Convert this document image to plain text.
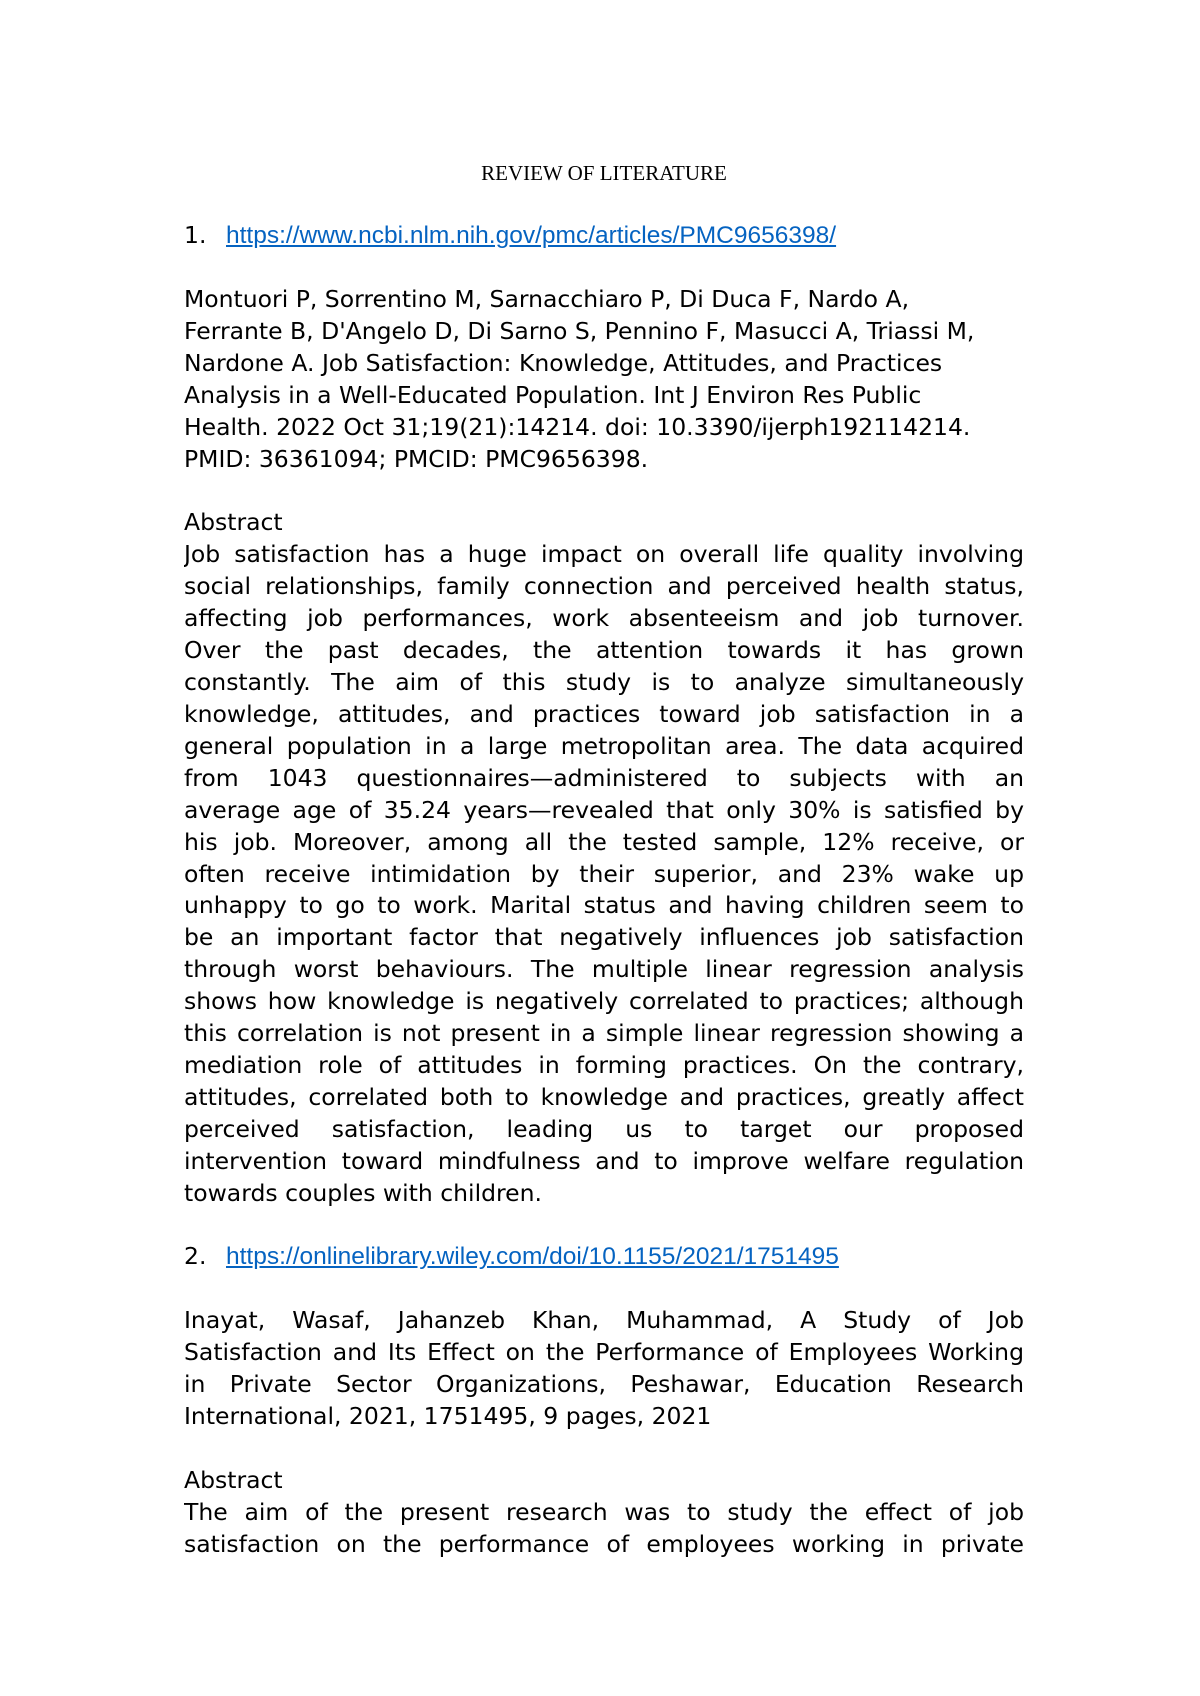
REVIEW OF LITERATURE
1. https://www.ncbi.nlm.nih.gov/pmc/articles/PMC9656398/
Montuori P, Sorrentino M, Sarnacchiaro P, Di Duca F, Nardo A,
Ferrante B, D'Angelo D, Di Sarno S, Pennino F, Masucci A, Triassi M,
Nardone A. Job Satisfaction: Knowledge, Attitudes, and Practices
Analysis in a Well-Educated Population. Int J Environ Res Public
Health. 2022 Oct 31;19(21):14214. doi: 10.3390/ijerph192114214.
PMID: 36361094; PMCID: PMC9656398.
Abstract
Job satisfaction has a huge impact on overall life quality involving
social relationships, family connection and perceived health status,
affecting job performances, work absenteeism and job turnover.
Over the past decades, the attention towards it has grown
constantly. The aim of this study is to analyze simultaneously
knowledge, attitudes, and practices toward job satisfaction in a
general population in a large metropolitan area. The data acquired
from 1043 questionnaires—administered to subjects with an
average age of 35.24 years—revealed that only 30% is satisfied by
his job. Moreover, among all the tested sample, 12% receive, or
often receive intimidation by their superior, and 23% wake up
unhappy to go to work. Marital status and having children seem to
be an important factor that negatively influences job satisfaction
through worst behaviours. The multiple linear regression analysis
shows how knowledge is negatively correlated to practices; although
this correlation is not present in a simple linear regression showing a
mediation role of attitudes in forming practices. On the contrary,
attitudes, correlated both to knowledge and practices, greatly affect
perceived satisfaction, leading us to target our proposed
intervention toward mindfulness and to improve welfare regulation
towards couples with children.
2. https://onlinelibrary.wiley.com/doi/10.1155/2021/1751495
Inayat, Wasaf, Jahanzeb Khan, Muhammad, A Study of Job
Satisfaction and Its Effect on the Performance of Employees Working
in Private Sector Organizations, Peshawar, Education Research
International, 2021, 1751495, 9 pages, 2021
Abstract
The aim of the present research was to study the effect of job
satisfaction on the performance of employees working in private
